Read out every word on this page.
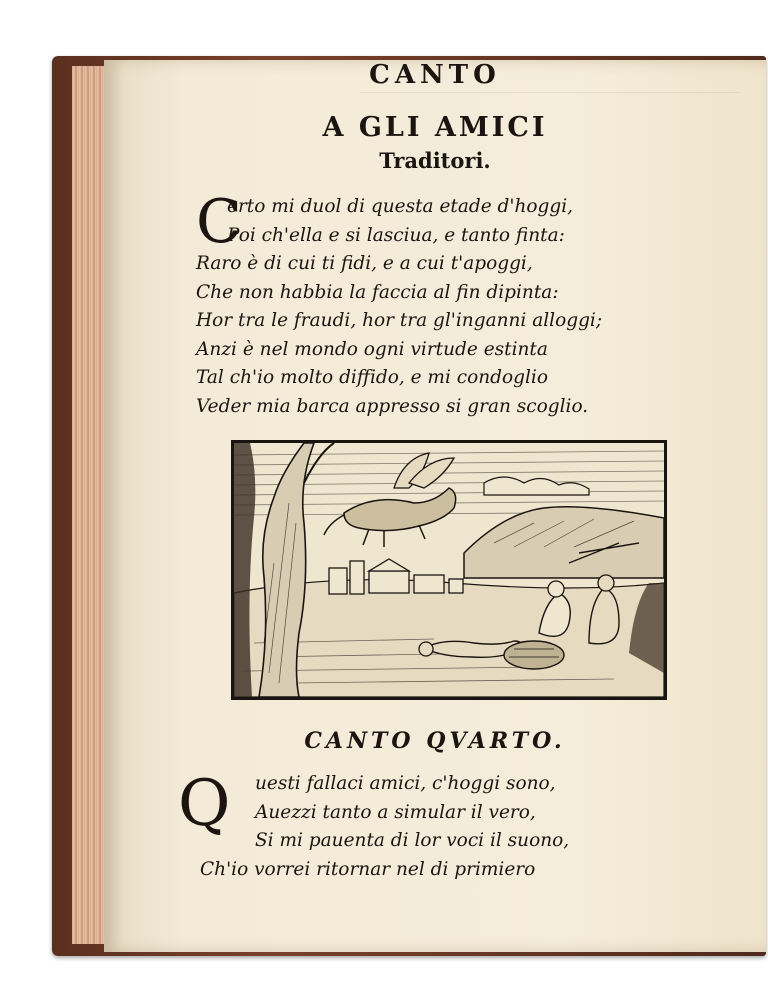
CANTO
A GLI AMICI
Traditori.
C
erto mi duol di questa etade d'hoggi,
Poi ch'ella e si lasciua, e tanto finta:
Raro è di cui ti fidi, e a cui t'apoggi,
Che non habbia la faccia al fin dipinta:
Hor tra le fraudi, hor tra gl'inganni alloggi;
Anzi è nel mondo ogni virtude estinta
Tal ch'io molto diffido, e mi condoglio
Veder mia barca appresso si gran scoglio.
CANTO QVARTO.
Q uesti fallaci amici, c'hoggi sono,
Auezzi tanto a simular il vero,
Si mi pauenta di lor voci il suono,
Ch'io vorrei ritornar nel di primiero
